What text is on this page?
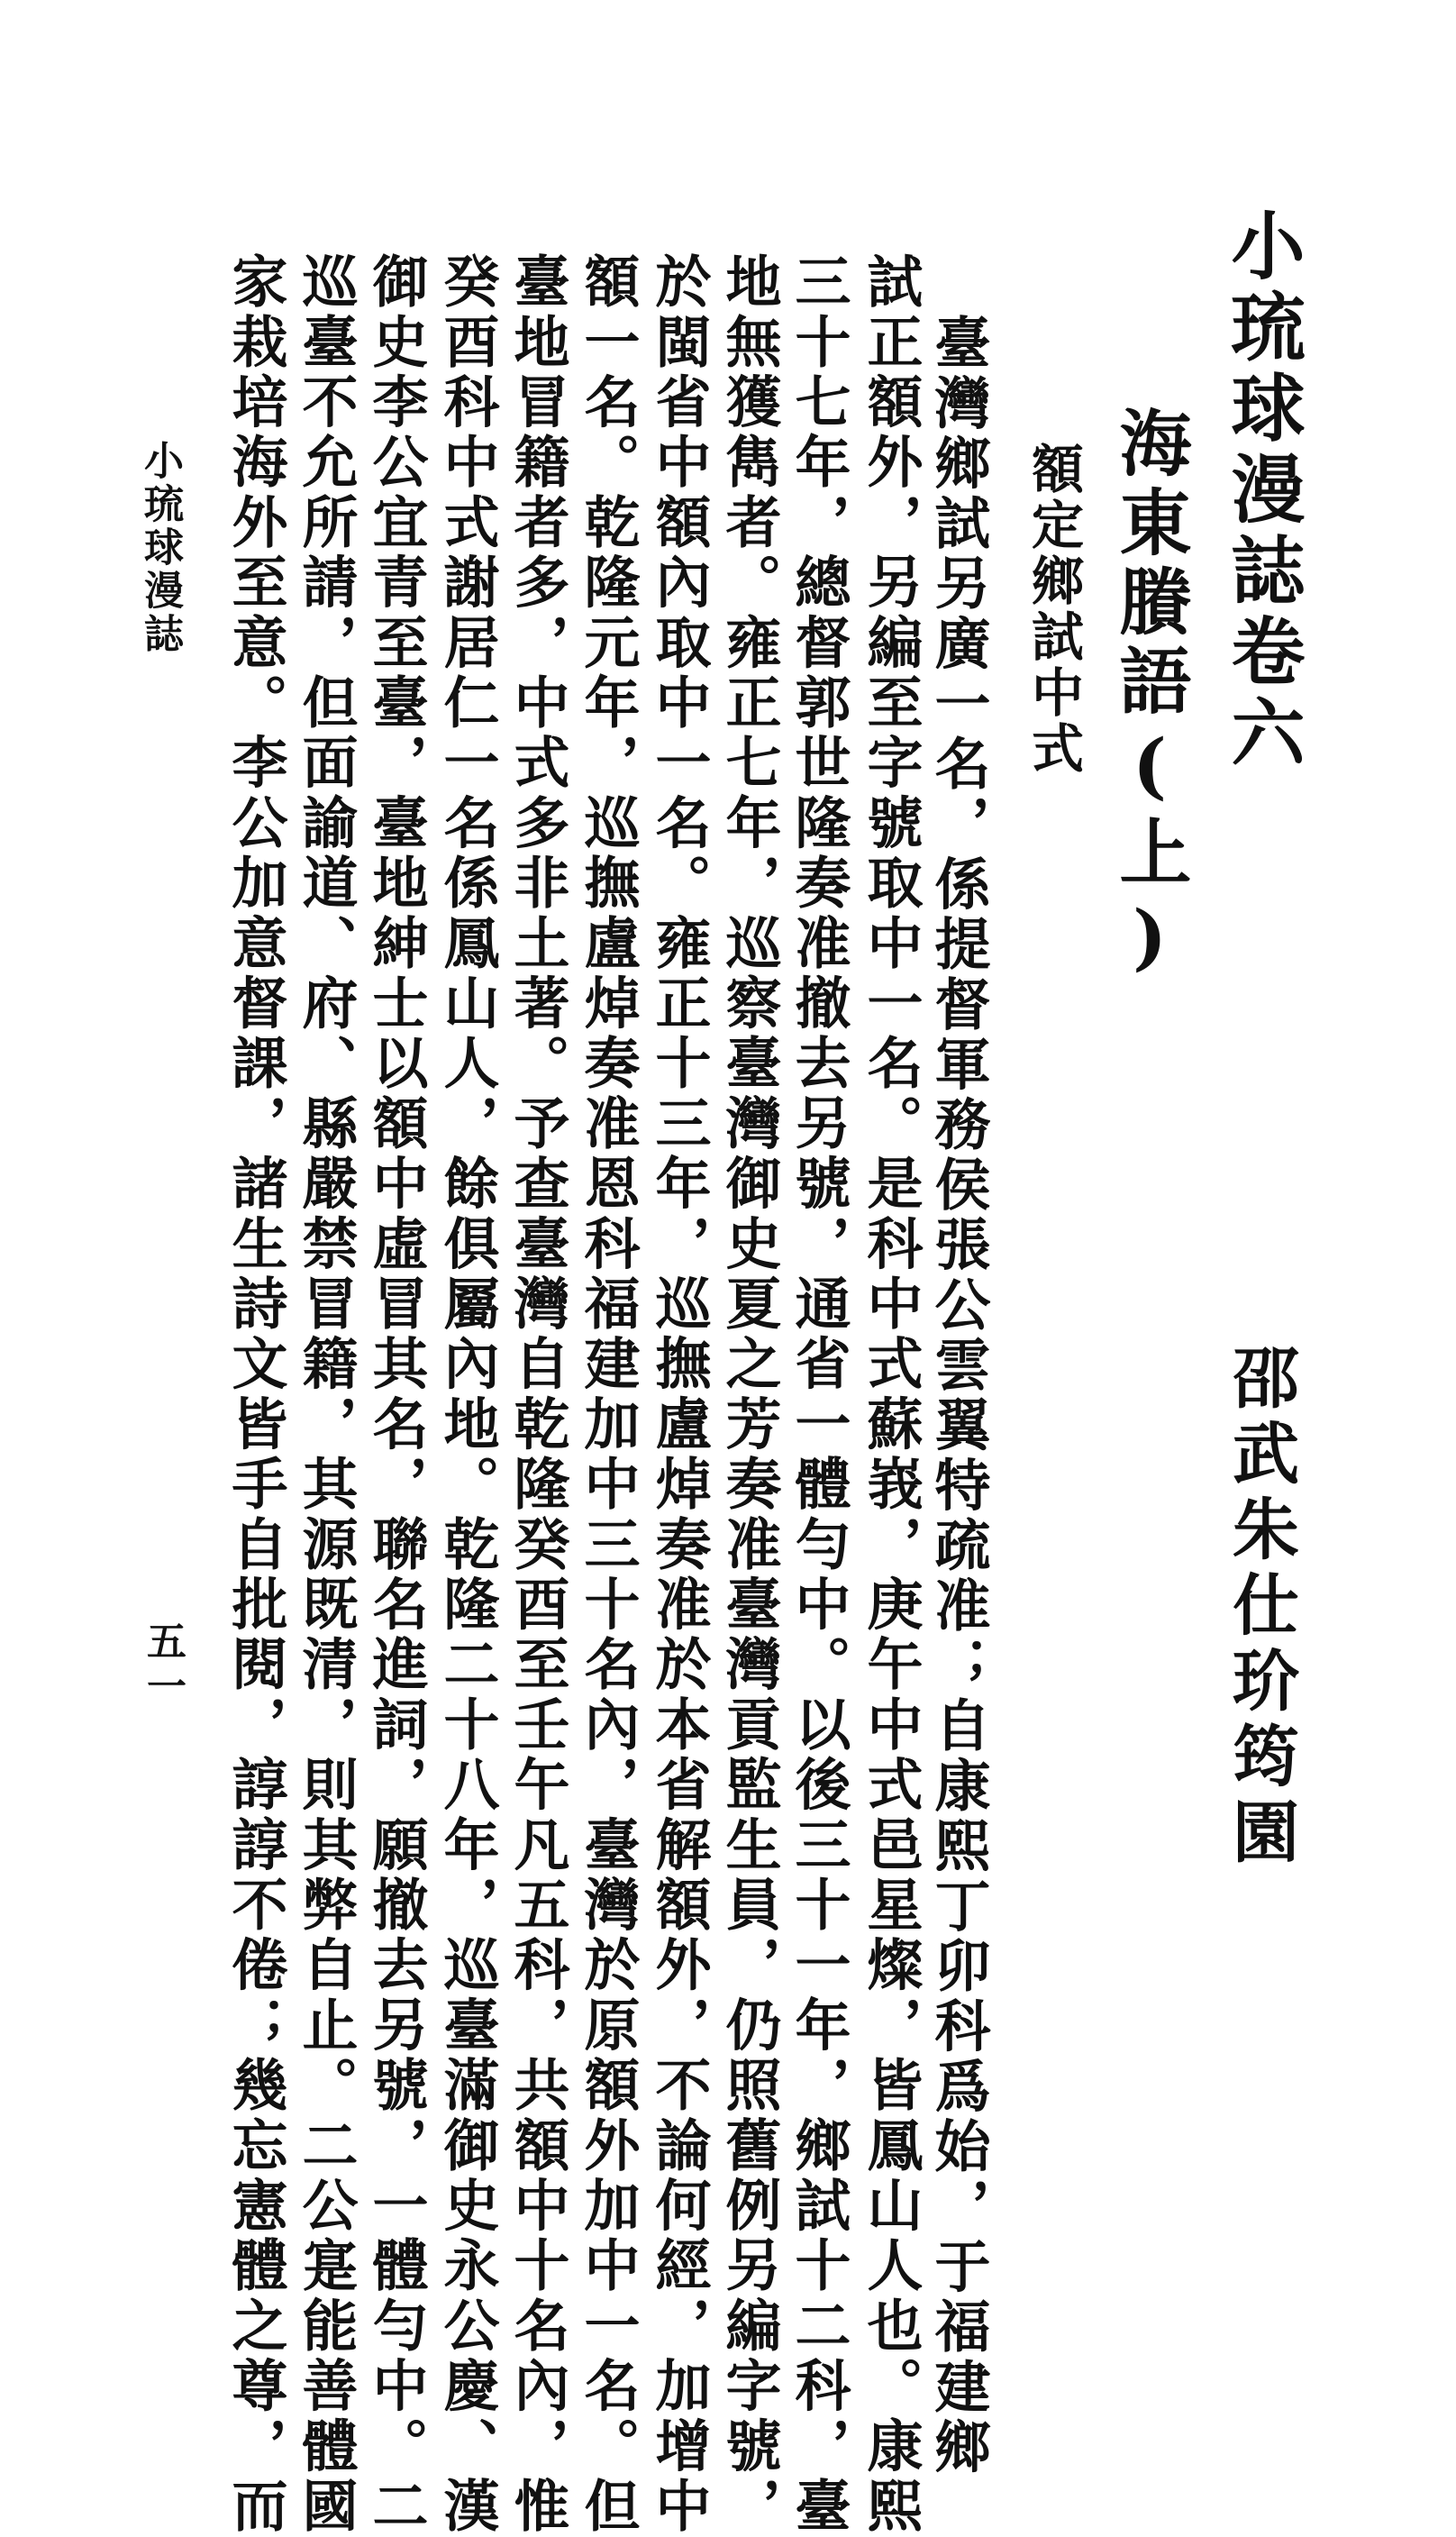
小琉球漫誌卷六
邵武朱仕玠筠園
海東賸語(上)
額定鄉試中式
臺灣鄉試另廣一名，係提督軍務侯張公雲翼特疏准；自康熙丁卯科爲始，于福建鄉
試正額外，另編至字號取中一名。是科中式蘇峩，庚午中式邑星燦，皆鳳山人也。康熙
三十七年，總督郭世隆奏准撤去另號，通省一體勻中。以後三十一年，鄉試十二科，臺
地無獲雋者。雍正七年，巡察臺灣御史夏之芳奏准臺灣貢監生員，仍照舊例另編字號，
於閩省中額內取中一名。雍正十三年，巡撫盧焯奏准於本省解額外，不論何經，加增中
額一名。乾隆元年，巡撫盧焯奏准恩科福建加中三十名內，臺灣於原額外加中一名。但
臺地冒籍者多，中式多非土著。予查臺灣自乾隆癸酉至壬午凡五科，共額中十名內，惟
癸酉科中式謝居仁一名係鳳山人，餘俱屬內地。乾隆二十八年，巡臺滿御史永公慶、漢
御史李公宜青至臺，臺地紳士以額中虛冒其名，聯名進詞，願撤去另號，一體勻中。二
巡臺不允所請，但面諭道、府、縣嚴禁冒籍，其源既清，則其弊自止。二公寔能善體國
家栽培海外至意。李公加意督課，諸生詩文皆手自批閱，諄諄不倦；幾忘憲體之尊，而
小琉球漫誌
五一
